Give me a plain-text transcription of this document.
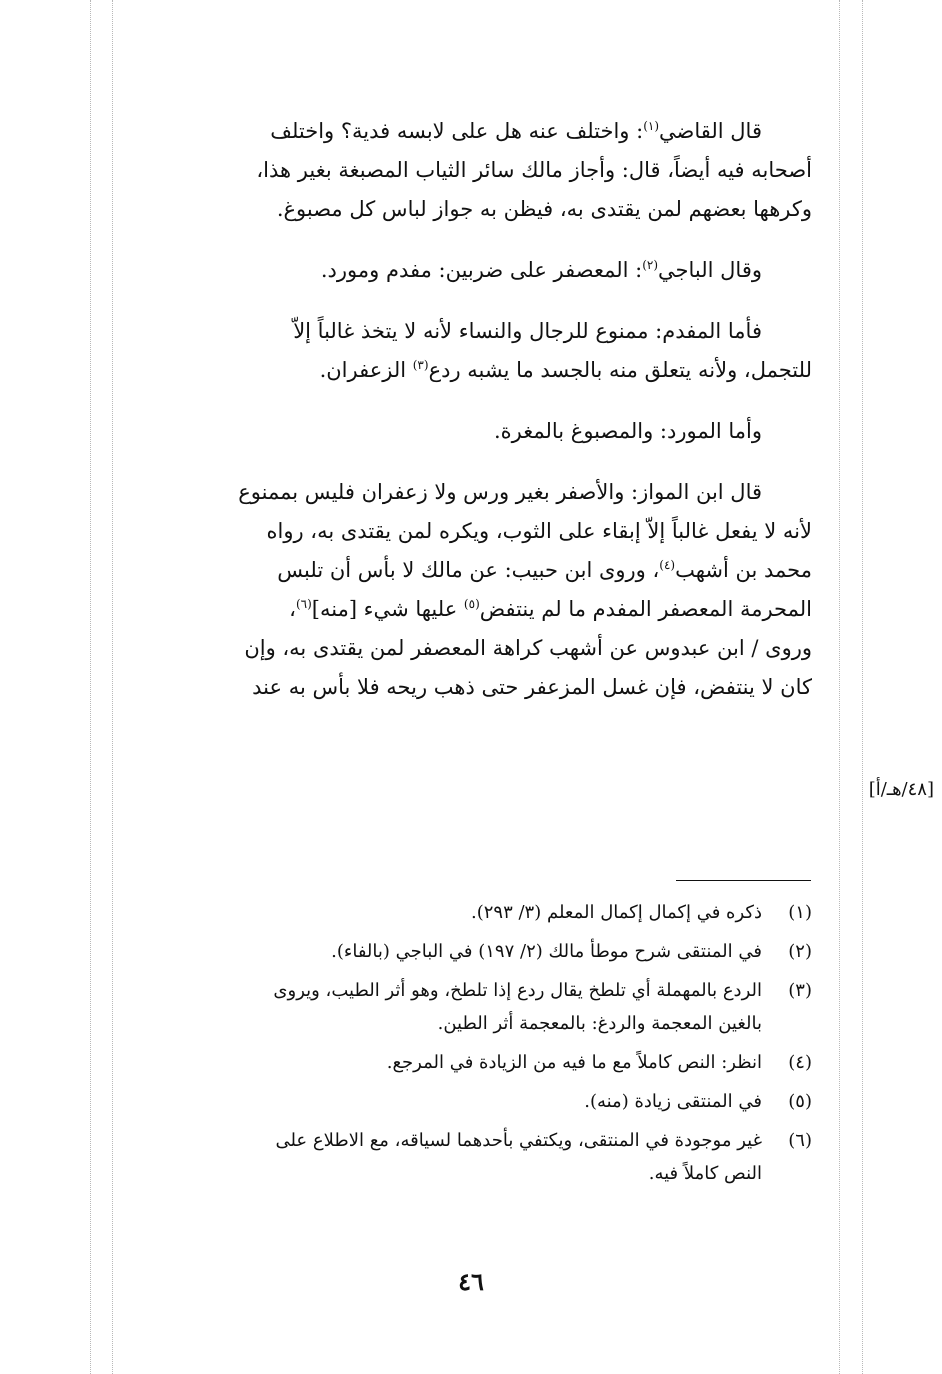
قال القاضي$^{(١)}$: واختلف عنه هل على لابسه فدية؟ واختلف
أصحابه فيه أيضاً، قال: وأجاز مالك سائر الثياب المصبغة بغير هذا،
وكرهها بعضهم لمن يقتدى به، فيظن به جواز لباس كل مصبوغ.
وقال الباجي$^{(٢)}$: المعصفر على ضربين: مفدم ومورد.
فأما المفدم: ممنوع للرجال والنساء لأنه لا يتخذ غالباً إلاّ
للتجمل، ولأنه يتعلق منه بالجسد ما يشبه ردع$^{(٣)}$ الزعفران.
وأما المورد: والمصبوغ بالمغرة.
قال ابن المواز: والأصفر بغير ورس ولا زعفران فليس بممنوع
لأنه لا يفعل غالباً إلاّ إبقاء على الثوب، ويكره لمن يقتدى به، رواه
محمد بن أشهب$^{(٤)}$، وروى ابن حبيب: عن مالك لا بأس أن تلبس
المحرمة المعصفر المفدم ما لم ينتفض$^{(٥)}$ عليها شيء [منه]$^{(٦)}$،
وروى / ابن عبدوس عن أشهب كراهة المعصفر لمن يقتدى به، وإن
كان لا ينتفض، فإن غسل المزعفر حتى ذهب ريحه فلا بأس به عند
[٤٨/هـ/أ]
(١)
ذكره في إكمال إكمال المعلم (٣/ ٢٩٣).
(٢)
في المنتقى شرح موطأ مالك (٢/ ١٩٧) في الباجي (بالفاء).
(٣)
الردع بالمهملة أي تلطخ يقال ردع إذا تلطخ، وهو أثر الطيب، ويروى
بالغين المعجمة والردغ: بالمعجمة أثر الطين.
(٤)
انظر: النص كاملاً مع ما فيه من الزيادة في المرجع.
(٥)
في المنتقى زيادة (منه).
(٦)
غير موجودة في المنتقى، ويكتفي بأحدهما لسياقه، مع الاطلاع على
النص كاملاً فيه.
٤٦
